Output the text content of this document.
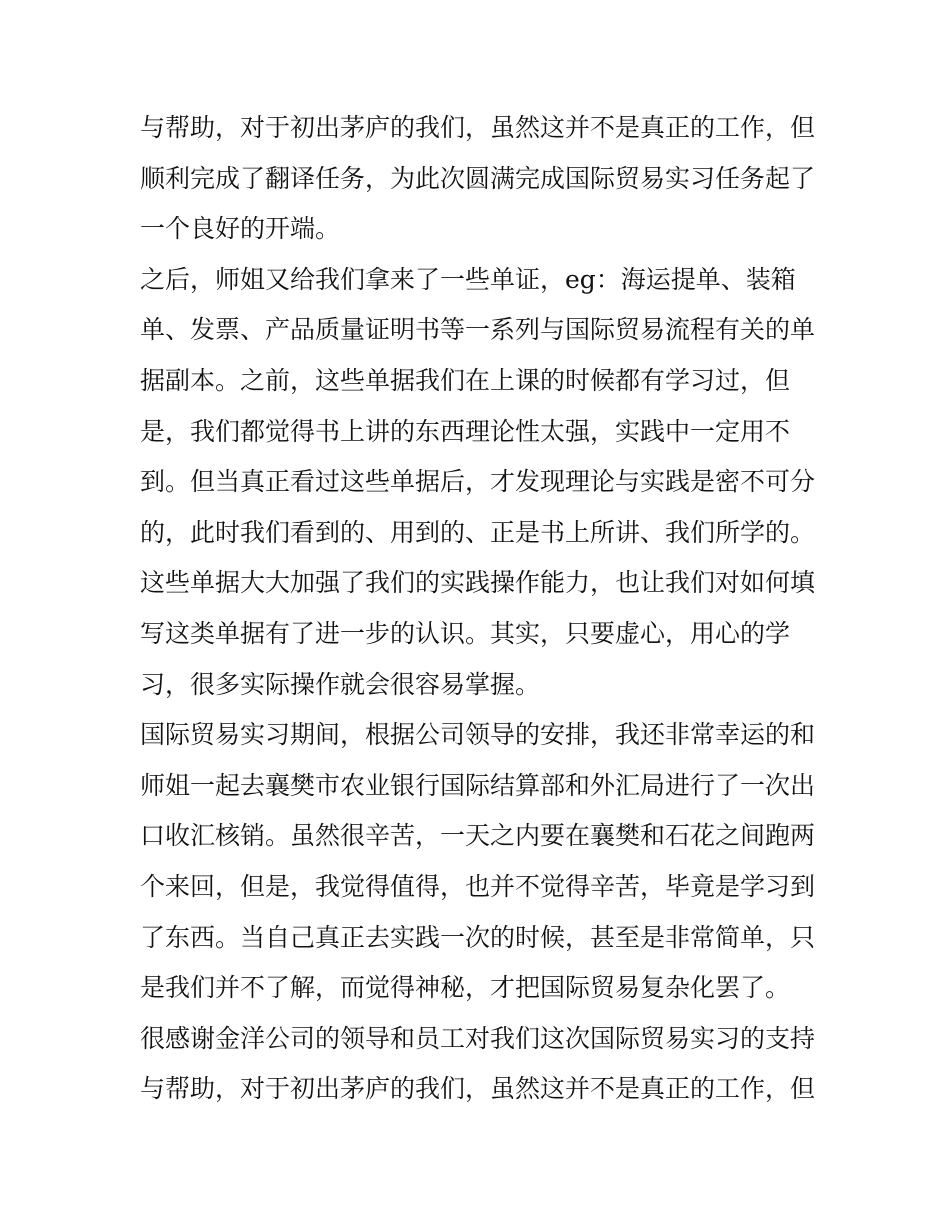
与帮助，对于初出茅庐的我们，虽然这并不是真正的工作，但
顺利完成了翻译任务，为此次圆满完成国际贸易实习任务起了
一个良好的开端。
之后，师姐又给我们拿来了一些单证，eg：海运提单、装箱
单、发票、产品质量证明书等一系列与国际贸易流程有关的单
据副本。之前，这些单据我们在上课的时候都有学习过，但
是，我们都觉得书上讲的东西理论性太强，实践中一定用不
到。但当真正看过这些单据后，才发现理论与实践是密不可分
的，此时我们看到的、用到的、正是书上所讲、我们所学的。
这些单据大大加强了我们的实践操作能力，也让我们对如何填
写这类单据有了进一步的认识。其实，只要虚心，用心的学
习，很多实际操作就会很容易掌握。
国际贸易实习期间，根据公司领导的安排，我还非常幸运的和
师姐一起去襄樊市农业银行国际结算部和外汇局进行了一次出
口收汇核销。虽然很辛苦，一天之内要在襄樊和石花之间跑两
个来回，但是，我觉得值得，也并不觉得辛苦，毕竟是学习到
了东西。当自己真正去实践一次的时候，甚至是非常简单，只
是我们并不了解，而觉得神秘，才把国际贸易复杂化罢了。
很感谢金洋公司的领导和员工对我们这次国际贸易实习的支持
与帮助，对于初出茅庐的我们，虽然这并不是真正的工作，但
